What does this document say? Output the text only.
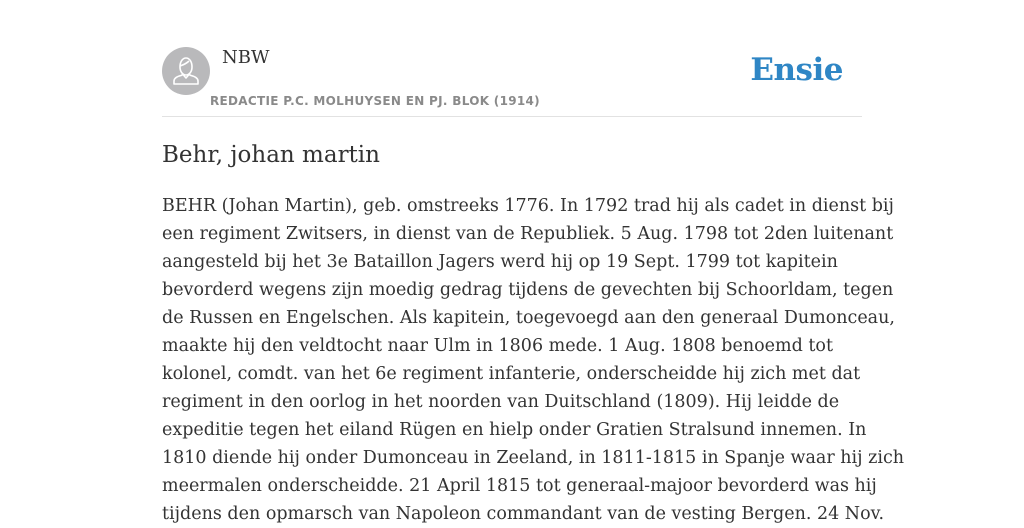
NBW
REDACTIE P.C. MOLHUYSEN EN PJ. BLOK (1914)
Ensie
Behr, johan martin

BEHR (Johan Martin), geb. omstreeks 1776. In 1792 trad hij als cadet in dienst bij
een regiment Zwitsers, in dienst van de Republiek. 5 Aug. 1798 tot 2den luitenant
aangesteld bij het 3e Bataillon Jagers werd hij op 19 Sept. 1799 tot kapitein
bevorderd wegens zijn moedig gedrag tijdens de gevechten bij Schoorldam, tegen
de Russen en Engelschen. Als kapitein, toegevoegd aan den generaal Dumonceau,
maakte hij den veldtocht naar Ulm in 1806 mede. 1 Aug. 1808 benoemd tot
kolonel, comdt. van het 6e regiment infanterie, onderscheidde hij zich met dat
regiment in den oorlog in het noorden van Duitschland (1809). Hij leidde de
expeditie tegen het eiland Rügen en hielp onder Gratien Stralsund innemen. In
1810 diende hij onder Dumonceau in Zeeland, in 1811-1815 in Spanje waar hij zich
meermalen onderscheidde. 21 April 1815 tot generaal-majoor bevorderd was hij
tijdens den opmarsch van Napoleon commandant van de vesting Bergen. 24 Nov.
